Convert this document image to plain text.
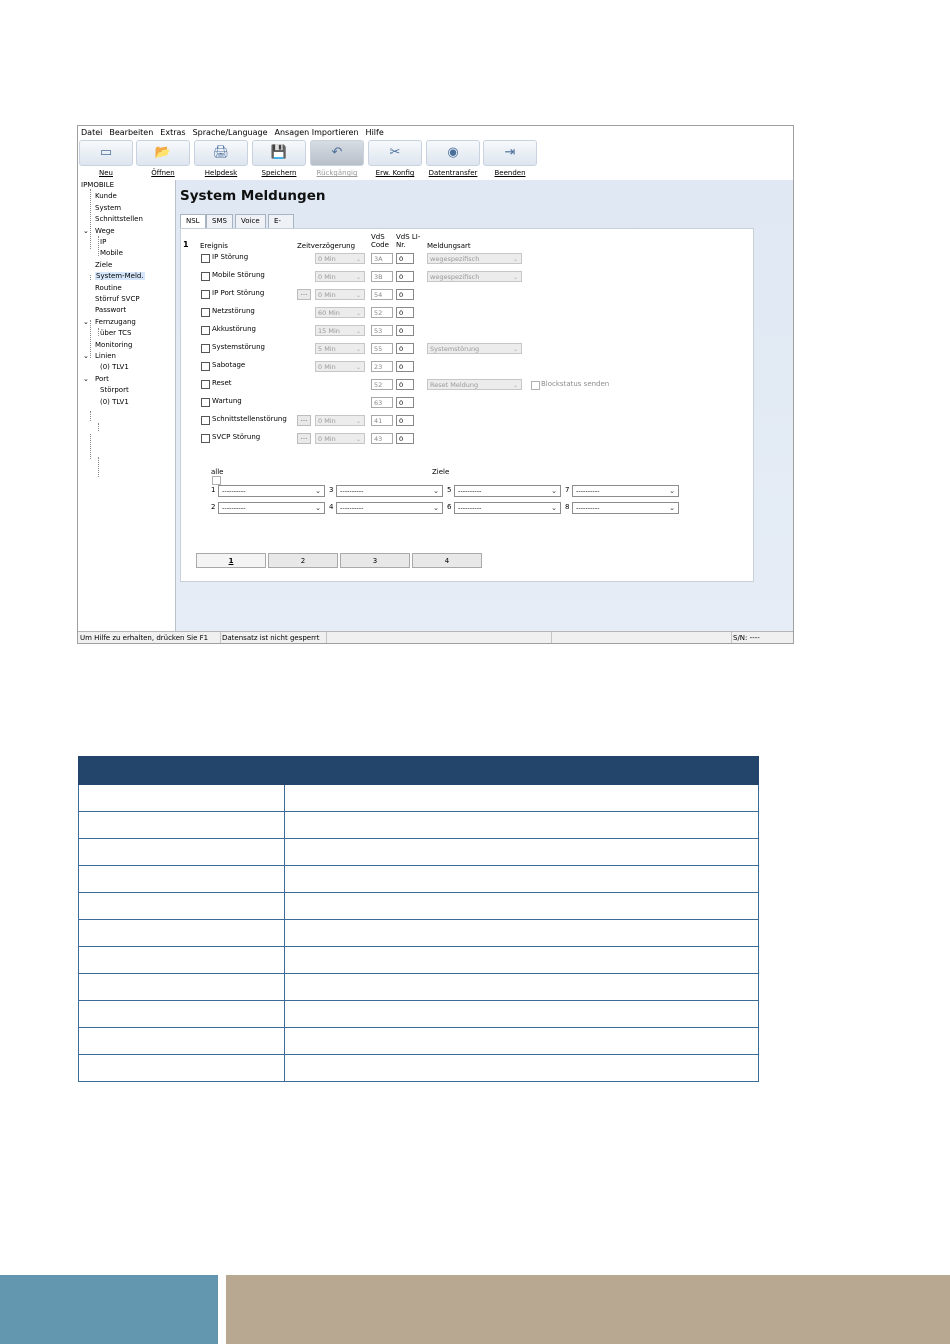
Datei Bearbeiten Extras Sprache/Language Ansagen Importieren Hilfe
▭
Neu
📂
Öffnen
🖨
Helpdesk
💾
Speichern
↶
Rückgängig
✂
Erw. Konfig
◉
Datentransfer
⇥
Beenden
IPMOBILE
Kunde
System
Schnittstellen
⌄ Wege
IP
Mobile
Ziele
System-Meld.
Routine
Störruf SVCP
Passwort
⌄ Fernzugang
über TCS
Monitoring
⌄ Linien
(0) TLV1
⌄ Port
Störport
(0) TLV1
System Meldungen
NSL	SMS	Voice	E-
1 Ereignis	Zeitverzögerung
VdS Code
VdS LI-Nr.	Meldungsart
IP Störung	0 Min	⌄	3A	0	wegespezifisch	⌄
Mobile Störung	0 Min	⌄	3B	0	wegespezifisch	⌄
IP Port Störung	...	0 Min	⌄	54	0
Netzstörung	60 Min	⌄	52	0
Akkustörung	15 Min	⌄	53	0
Systemstörung	5 Min	⌄	55	0	Systemstörung	⌄
Sabotage	0 Min	⌄	23	0
Reset	52	0	Reset Meldung	⌄
Wartung	63	0
Schnittstellenstörung	...	0 Min	⌄	41	0
SVCP Störung	...	0 Min	⌄	43	0
Blockstatus senden
alle	Ziele
1	----------	⌄ 3	----------	⌄ 5	----------	⌄ 7	----------	⌄
2	----------	⌄ 4	----------	⌄ 6	----------	⌄ 8	----------	⌄
1	2	3	4
Um Hilfe zu erhalten, drücken Sie F1	Datensatz ist nicht gesperrt	S/N: ----
